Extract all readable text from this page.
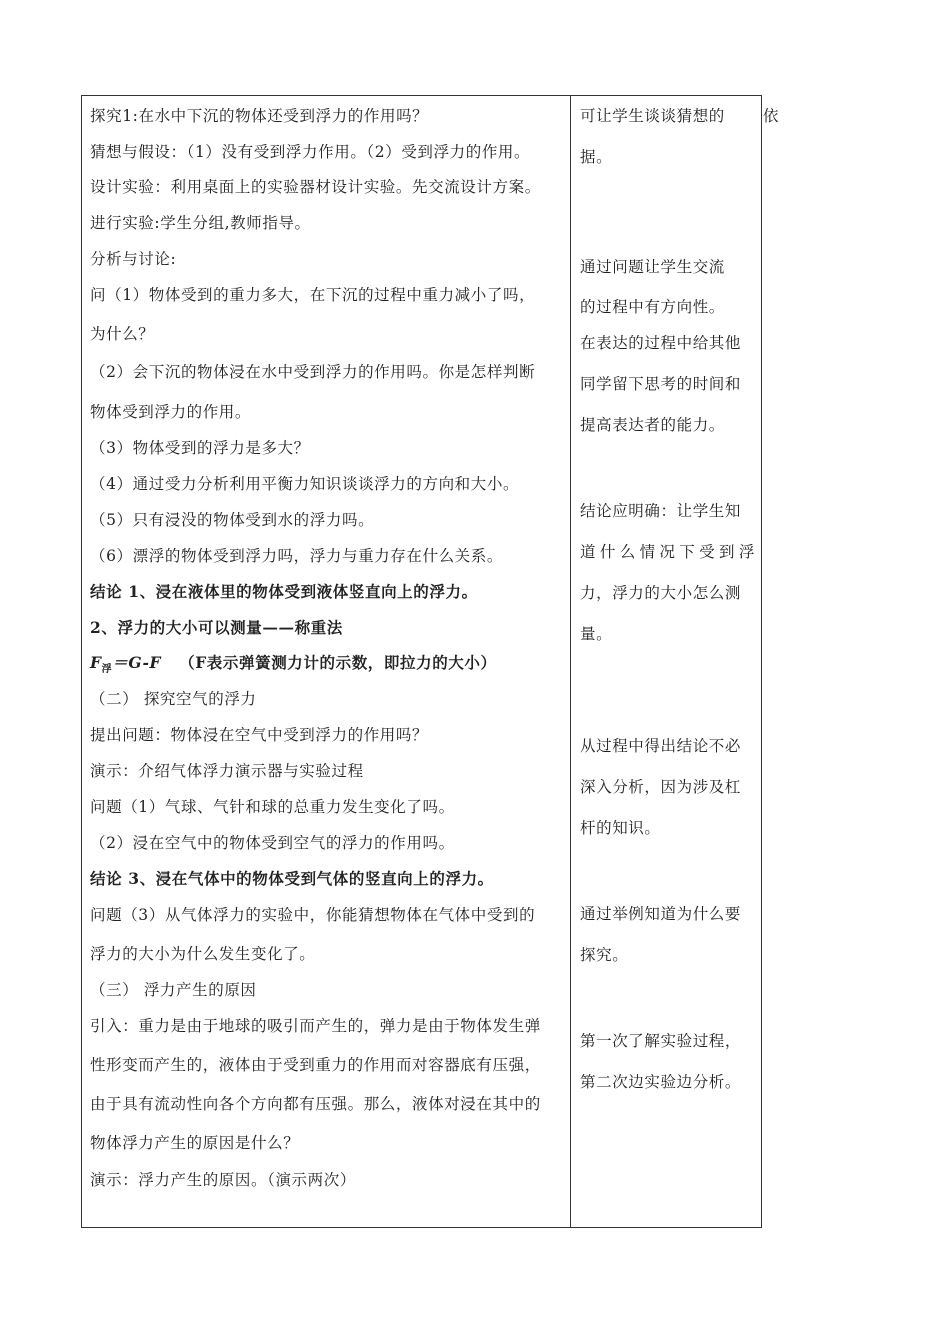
探究1:在水中下沉的物体还受到浮力的作用吗？
猜想与假设：（1）没有受到浮力作用。（2）受到浮力的作用。
设计实验：利用桌面上的实验器材设计实验。先交流设计方案。
进行实验:学生分组,教师指导。
分析与讨论:
问（1）物体受到的重力多大，在下沉的过程中重力减小了吗，
为什么？
（2）会下沉的物体浸在水中受到浮力的作用吗。你是怎样判断
物体受到浮力的作用。
（3）物体受到的浮力是多大？
（4）通过受力分析利用平衡力知识谈谈浮力的方向和大小。
（5）只有浸没的物体受到水的浮力吗。
（6）漂浮的物体受到浮力吗，浮力与重力存在什么关系。
结论 1、浸在液体里的物体受到液体竖直向上的浮力。
2、浮力的大小可以测量——称重法
$F_浮=G-F$ （F表示弹簧测力计的示数，即拉力的大小）
（二） 探究空气的浮力
提出问题：物体浸在空气中受到浮力的作用吗？
演示：介绍气体浮力演示器与实验过程
问题（1）气球、气针和球的总重力发生变化了吗。
（2）浸在空气中的物体受到空气的浮力的作用吗。
结论 3、浸在气体中的物体受到气体的竖直向上的浮力。
问题（3）从气体浮力的实验中，你能猜想物体在气体中受到的
浮力的大小为什么发生变化了。
（三） 浮力产生的原因
引入：重力是由于地球的吸引而产生的，弹力是由于物体发生弹
性形变而产生的，液体由于受到重力的作用而对容器底有压强，
由于具有流动性向各个方向都有压强。那么，液体对浸在其中的
物体浮力产生的原因是什么？
演示：浮力产生的原因。（演示两次）
可让学生谈谈猜想的 依
据。
通过问题让学生交流
的过程中有方向性。
在表达的过程中给其他
同学留下思考的时间和
提高表达者的能力。
结论应明确：让学生知
道 什 么 情 况 下 受 到 浮
力，浮力的大小怎么测
量。
从过程中得出结论不必
深入分析，因为涉及杠
杆的知识。
通过举例知道为什么要
探究。
第一次了解实验过程，
第二次边实验边分析。
